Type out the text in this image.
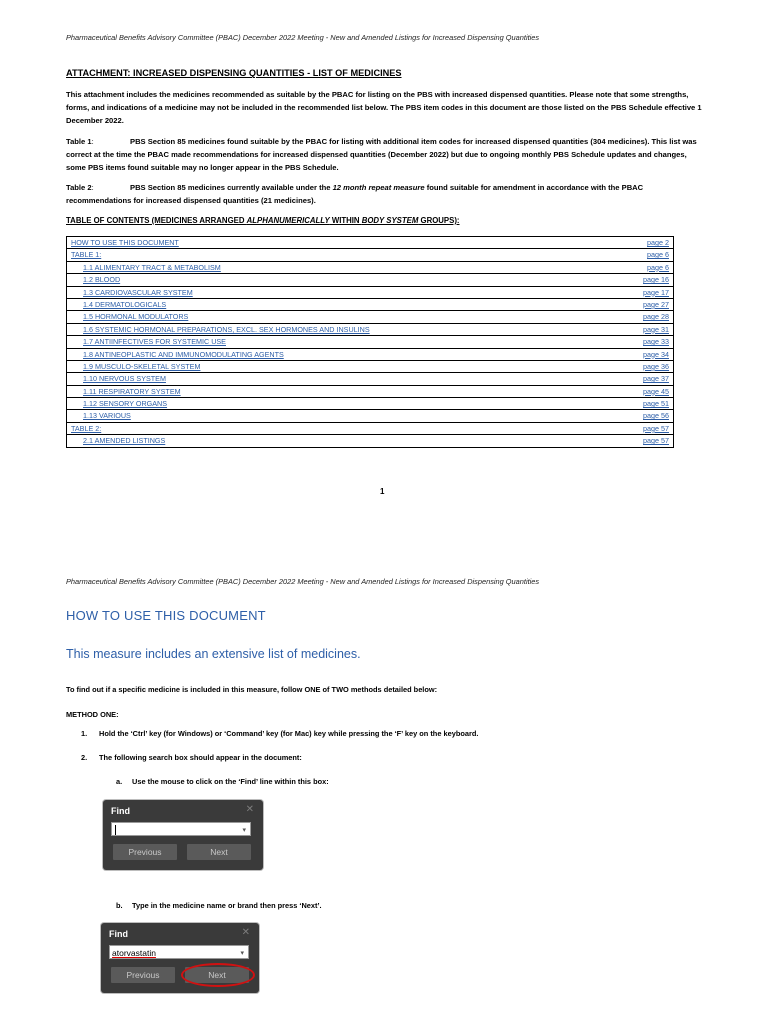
Pharmaceutical Benefits Advisory Committee (PBAC) December 2022 Meeting - New and Amended Listings for Increased Dispensing Quantities
ATTACHMENT: INCREASED DISPENSING QUANTITIES - LIST OF MEDICINES

This attachment includes the medicines recommended as suitable by the PBAC for listing on the PBS with increased dispensed quantities. Please note that some strengths, forms, and indications of a medicine may not be included in the recommended list below. The PBS item codes in this document are those listed on the PBS Schedule effective 1 December 2022.

Table 1:	PBS Section 85 medicines found suitable by the PBAC for listing with additional item codes for increased dispensed quantities (304 medicines). This list was correct at the time the PBAC made recommendations for increased dispensed quantities (December 2022) but due to ongoing monthly PBS Schedule updates and changes, some PBS items found suitable may no longer appear in the PBS Schedule.

Table 2:	PBS Section 85 medicines currently available under the 12 month repeat measure found suitable for amendment in accordance with the PBAC recommendations for increased dispensed quantities (21 medicines).

TABLE OF CONTENTS (MEDICINES ARRANGED ALPHANUMERICALLY WITHIN BODY SYSTEM GROUPS):
HOW TO USE THIS DOCUMENT	page 2
TABLE 1:	page 6
1.1 ALIMENTARY TRACT & METABOLISM	page 6
1.2 BLOOD	page 16
1.3 CARDIOVASCULAR SYSTEM	page 17
1.4 DERMATOLOGICALS	page 27
1.5 HORMONAL MODULATORS	page 28
1.6 SYSTEMIC HORMONAL PREPARATIONS, EXCL. SEX HORMONES AND INSULINS	page 31
1.7 ANTIINFECTIVES FOR SYSTEMIC USE	page 33
1.8 ANTINEOPLASTIC AND IMMUNOMODULATING AGENTS	page 34
1.9 MUSCULO-SKELETAL SYSTEM	page 36
1.10 NERVOUS SYSTEM	page 37
1.11 RESPIRATORY SYSTEM	page 45
1.12 SENSORY ORGANS	page 51
1.13 VARIOUS	page 56
TABLE 2:	page 57
2.1 AMENDED LISTINGS	page 57
1
Pharmaceutical Benefits Advisory Committee (PBAC) December 2022 Meeting - New and Amended Listings for Increased Dispensing Quantities
HOW TO USE THIS DOCUMENT
This measure includes an extensive list of medicines.
To find out if a specific medicine is included in this measure, follow ONE of TWO methods detailed below:
METHOD ONE:
1. Hold the ‘Ctrl’ key (for Windows) or ‘Command’ key (for Mac) key while pressing the ‘F’ key on the keyboard.
2. The following search box should appear in the document:
a. Use the mouse to click on the ‘Find’ line within this box:
Find	✕
▾
Previous	Next
b. Type in the medicine name or brand then press ‘Next’.
Find	✕
atorvastatin	▾
Previous	Next
